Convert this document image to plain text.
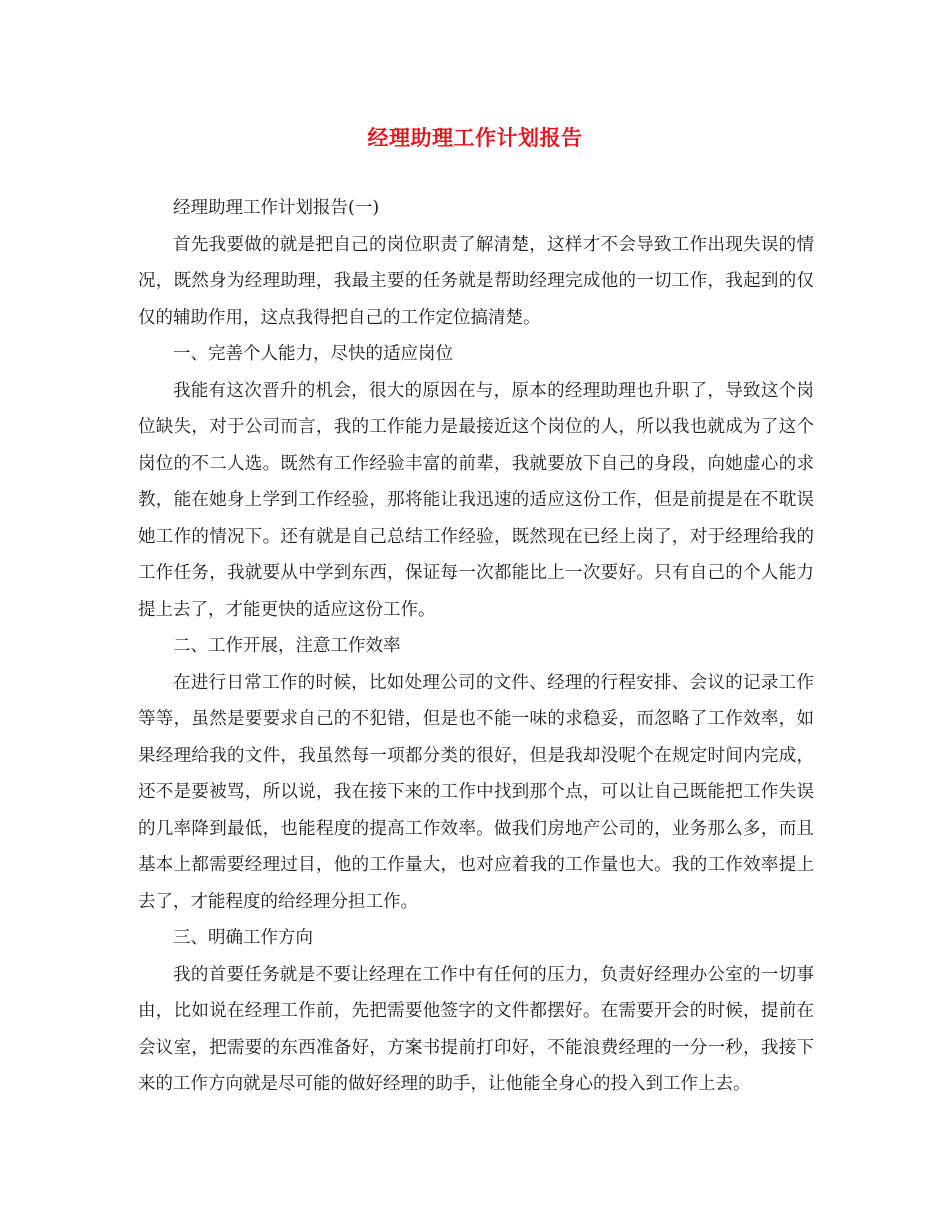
经理助理工作计划报告

经理助理工作计划报告(一)

首先我要做的就是把自己的岗位职责了解清楚，这样才不会导致工作出现失误的情况，既然身为经理助理，我最主要的任务就是帮助经理完成他的一切工作，我起到的仅仅的辅助作用，这点我得把自己的工作定位搞清楚。

一、完善个人能力，尽快的适应岗位

我能有这次晋升的机会，很大的原因在与，原本的经理助理也升职了，导致这个岗位缺失，对于公司而言，我的工作能力是最接近这个岗位的人，所以我也就成为了这个岗位的不二人选。既然有工作经验丰富的前辈，我就要放下自己的身段，向她虚心的求教，能在她身上学到工作经验，那将能让我迅速的适应这份工作，但是前提是在不耽误她工作的情况下。还有就是自己总结工作经验，既然现在已经上岗了，对于经理给我的工作任务，我就要从中学到东西，保证每一次都能比上一次要好。只有自己的个人能力提上去了，才能更快的适应这份工作。

二、工作开展，注意工作效率

在进行日常工作的时候，比如处理公司的文件、经理的行程安排、会议的记录工作等等，虽然是要要求自己的不犯错，但是也不能一味的求稳妥，而忽略了工作效率，如果经理给我的文件，我虽然每一项都分类的很好，但是我却没呢个在规定时间内完成，还不是要被骂，所以说，我在接下来的工作中找到那个点，可以让自己既能把工作失误的几率降到最低，也能程度的提高工作效率。做我们房地产公司的，业务那么多，而且基本上都需要经理过目，他的工作量大，也对应着我的工作量也大。我的工作效率提上去了，才能程度的给经理分担工作。

三、明确工作方向

我的首要任务就是不要让经理在工作中有任何的压力，负责好经理办公室的一切事由，比如说在经理工作前，先把需要他签字的文件都摆好。在需要开会的时候，提前在会议室，把需要的东西准备好，方案书提前打印好，不能浪费经理的一分一秒，我接下来的工作方向就是尽可能的做好经理的助手，让他能全身心的投入到工作上去。
